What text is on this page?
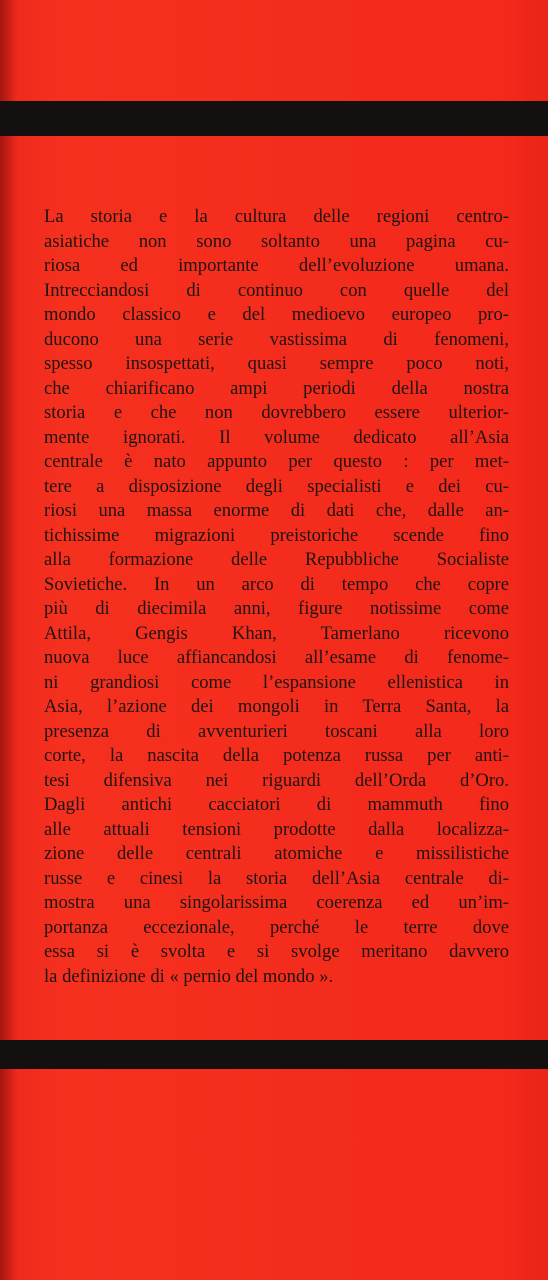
La storia e la cultura delle regioni centro-
asiatiche non sono soltanto una pagina cu-
riosa ed importante dell’evoluzione umana.
Intrecciandosi di continuo con quelle del
mondo classico e del medioevo europeo pro-
ducono una serie vastissima di fenomeni,
spesso insospettati, quasi sempre poco noti,
che chiarificano ampi periodi della nostra
storia e che non dovrebbero essere ulterior-
mente ignorati. Il volume dedicato all’Asia
centrale è nato appunto per questo : per met-
tere a disposizione degli specialisti e dei cu-
riosi una massa enorme di dati che, dalle an-
tichissime migrazioni preistoriche scende fino
alla formazione delle Repubbliche Socialiste
Sovietiche. In un arco di tempo che copre
più di diecimila anni, figure notissime come
Attila, Gengis Khan, Tamerlano ricevono
nuova luce affiancandosi all’esame di fenome-
ni grandiosi come l’espansione ellenistica in
Asia, l’azione dei mongoli in Terra Santa, la
presenza di avventurieri toscani alla loro
corte, la nascita della potenza russa per anti-
tesi difensiva nei riguardi dell’Orda d’Oro.
Dagli antichi cacciatori di mammuth fino
alle attuali tensioni prodotte dalla localizza-
zione delle centrali atomiche e missilistiche
russe e cinesi la storia dell’Asia centrale di-
mostra una singolarissima coerenza ed un’im-
portanza eccezionale, perché le terre dove
essa si è svolta e si svolge meritano davvero
la definizione di « pernio del mondo ».
